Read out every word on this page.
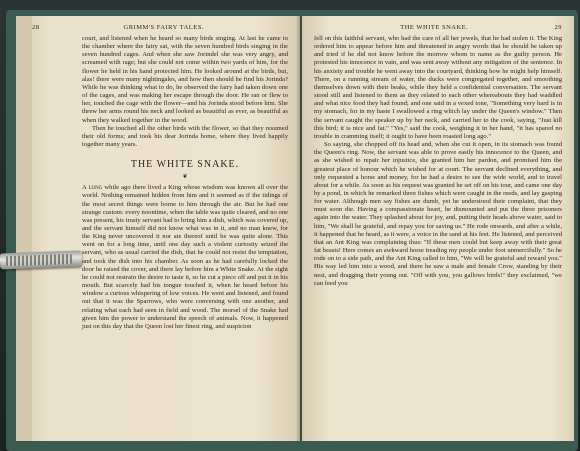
28	GRIMM'S FAIRY TALES.

court, and listened when he heard so many birds singing. At last he came to the chamber where the fairy sat, with the seven hundred birds singing in the seven hundred cages. And when she saw Jorindel she was very angry, and screamed with rage; but she could not come within two yards of him, for the flower he held in his hand protected him. He looked around at the birds, but, alas! there were many nightingales, and how then should he find his Jorinda? While he was thinking what to do, he observed the fairy had taken down one of the cages, and was making her escape through the door. He ran or flew to her, touched the cage with the flower—and his Jorinda stood before him. She threw her arms round his neck and looked as beautiful as ever, as beautiful as when they walked together in the wood.

Then he touched all the other birds with the flower, so that they resumed their old forms; and took his dear Jorinda home, where they lived happily together many years.

THE WHITE SNAKE.
❦

A long while ago there lived a King whose wisdom was known all over the world. Nothing remained hidden from him and it seemed as if the tidings of the most secret things were borne to him through the air. But he had one strange custom: every noontime, when the table was quite cleared, and no one was present, his trusty servant had to bring him a dish, which was covered up, and the servant himself did not know what was in it, and no man knew, for the King never uncovered it nor ate thereof until he was quite alone. This went on for a long time, until one day such a violent curiosity seized the servant, who as usual carried the dish, that he could not resist the temptation, and took the dish into his chamber. As soon as he had carefully locked the door he raised the cover, and there lay before him a White Snake. At the sight he could not restrain the desire to taste it, so he cut a piece off and put it in his mouth. But scarcely had his tongue touched it, when he heard before his window a curious whispering of low voices. He went and listened, and found out that it was the Sparrows, who were conversing with one another, and relating what each had seen in field and wood. The morsel of the Snake had given him the power to understand the speech of animals. Now, it happened just on this day that the Queen lost her finest ring, and suspicion

THE WHITE SNAKE.	29

fell on this faithful servant, who had the care of all her jewels, that he had stolen it. The King ordered him to appear before him and threatened in angry words that he should be taken up and tried if he did not know before the morrow whom to name as the guilty person. He protested his innocence in vain, and was sent away without any mitigation of the sentence. In his anxiety and trouble he went away into the courtyard, thinking how he might help himself. There, on a running stream of water, the ducks were congregated together, and smoothing themselves down with their beaks, while they held a confidential conversation. The servant stood still and listened to them as they related to each other whereabouts they had waddled and what nice food they had found; and one said in a vexed tone, "Something very hard is in my stomach, for in my haste I swallowed a ring which lay under the Queen's window." Then the servant caught the speaker up by her neck, and carried her to the cook, saying, "Just kill this bird; it is nice and fat." "Yes," said the cook, weighing it in her hand, "it has spared no trouble in cramming itself; it ought to have been roasted long ago."

So saying, she chopped off its head and, when she cut it open, in its stomach was found the Queen's ring. Now, the servant was able to prove easily his innocence to the Queen, and as she wished to repair her injustice, she granted him her pardon, and promised him the greatest place of honour which he wished for at court. The servant declined everything, and only requested a horse and money, for he had a desire to see the wide world, and to travel about for a while. As soon as his request was granted he set off on his tour, and came one day by a pond, in which he remarked three fishes which were caught in the reeds, and lay gasping for water. Although men say fishes are dumb, yet he understood their complaint, that they must soon die. Having a compassionate heart, he dismounted and put the three prisoners again into the water. They splashed about for joy, and, putting their heads above water, said to him, "We shall be grateful, and repay you for saving us." He rode onwards, and after a while, it happened that he heard, as it were, a voice in the sand at his feet. He listened, and perceived that an Ant King was complaining thus: "If these men could but keep away with their great fat beasts! Here comes an awkward horse treading my people under foot unmercifully." So he rode on to a side path, and the Ant King called to him, "We will be grateful and reward you." His way led him into a wood, and there he saw a male and female Crow, standing by their nest, and dragging their young out. "Off with you, you gallows birds!" they exclaimed, "we can feed you
